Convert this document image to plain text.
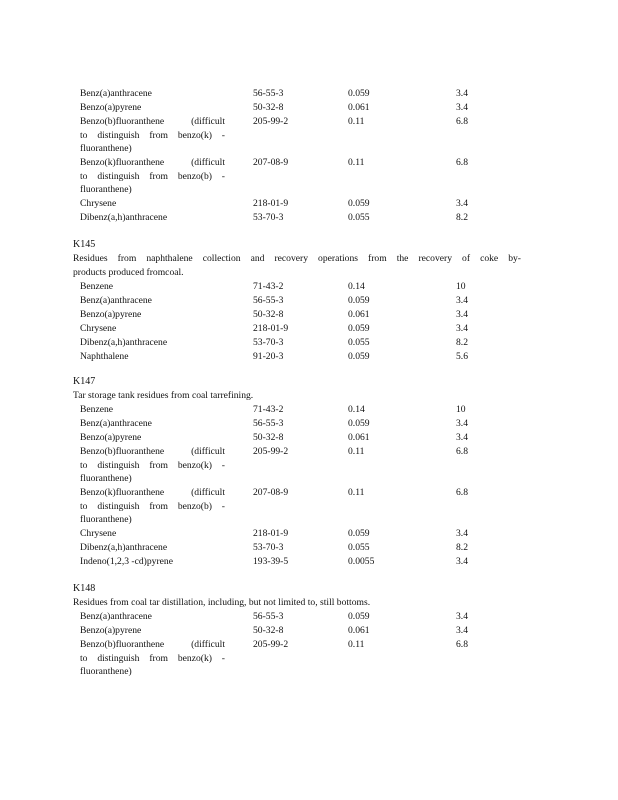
Benz(a)anthracene	56-55-3	0.059	3.4
Benzo(a)pyrene	50-32-8	0.061	3.4
Benzo(b)fluoranthene (difficult
to distinguish from benzo(k) -
fluoranthene)
205-99-2	0.11	6.8
Benzo(k)fluoranthene (difficult
to distinguish from benzo(b) -
fluoranthene)
207-08-9	0.11	6.8
Chrysene	218-01-9	0.059	3.4
Dibenz(a,h)anthracene	53-70-3	0.055	8.2
K145
Residues from naphthalene collection and recovery operations from the recovery of coke by-
products produced fromcoal.
Benzene	71-43-2	0.14	10
Benz(a)anthracene	56-55-3	0.059	3.4
Benzo(a)pyrene	50-32-8	0.061	3.4
Chrysene	218-01-9	0.059	3.4
Dibenz(a,h)anthracene	53-70-3	0.055	8.2
Naphthalene	91-20-3	0.059	5.6
K147
Tar storage tank residues from coal tarrefining.
Benzene	71-43-2	0.14	10
Benz(a)anthracene	56-55-3	0.059	3.4
Benzo(a)pyrene	50-32-8	0.061	3.4
Benzo(b)fluoranthene (difficult
to distinguish from benzo(k) -
fluoranthene)
205-99-2	0.11	6.8
Benzo(k)fluoranthene (difficult
to distinguish from benzo(b) -
fluoranthene)
207-08-9	0.11	6.8
Chrysene	218-01-9	0.059	3.4
Dibenz(a,h)anthracene	53-70-3	0.055	8.2
Indeno(1,2,3 -cd)pyrene	193-39-5	0.0055	3.4
K148
Residues from coal tar distillation, including, but not limited to, still bottoms.
Benz(a)anthracene	56-55-3	0.059	3.4
Benzo(a)pyrene	50-32-8	0.061	3.4
Benzo(b)fluoranthene (difficult
to distinguish from benzo(k) -
fluoranthene)
205-99-2	0.11	6.8
